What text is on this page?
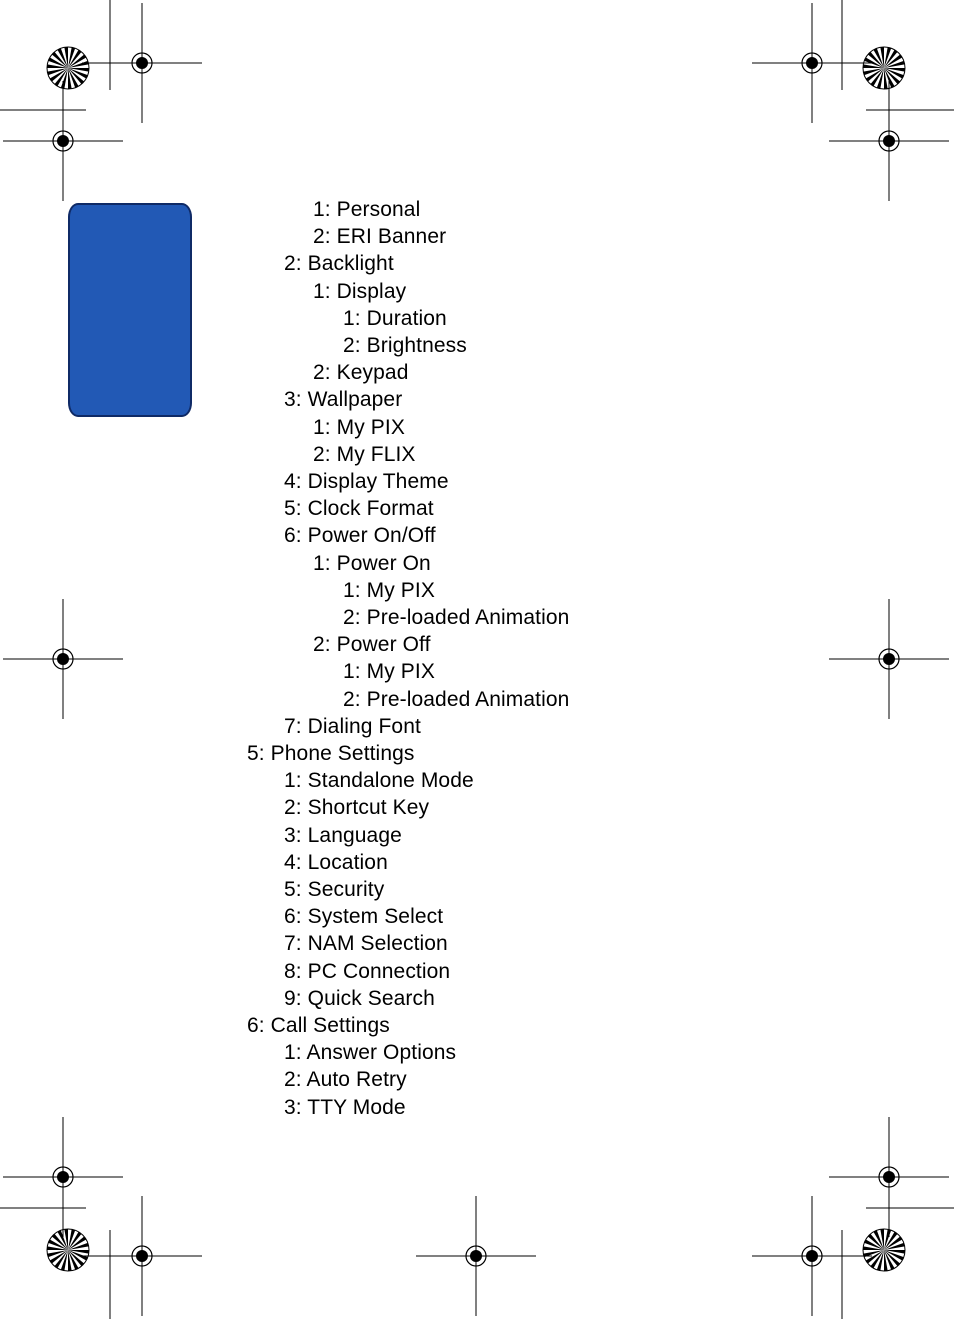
1: Personal
2: ERI Banner
2: Backlight
1: Display
1: Duration
2: Brightness
2: Keypad
3: Wallpaper
1: My PIX
2: My FLIX
4: Display Theme
5: Clock Format
6: Power On/Off
1: Power On
1: My PIX
2: Pre-loaded Animation
2: Power Off
1: My PIX
2: Pre-loaded Animation
7: Dialing Font
5: Phone Settings
1: Standalone Mode
2: Shortcut Key
3: Language
4: Location
5: Security
6: System Select
7: NAM Selection
8: PC Connection
9: Quick Search
6: Call Settings
1: Answer Options
2: Auto Retry
3: TTY Mode
